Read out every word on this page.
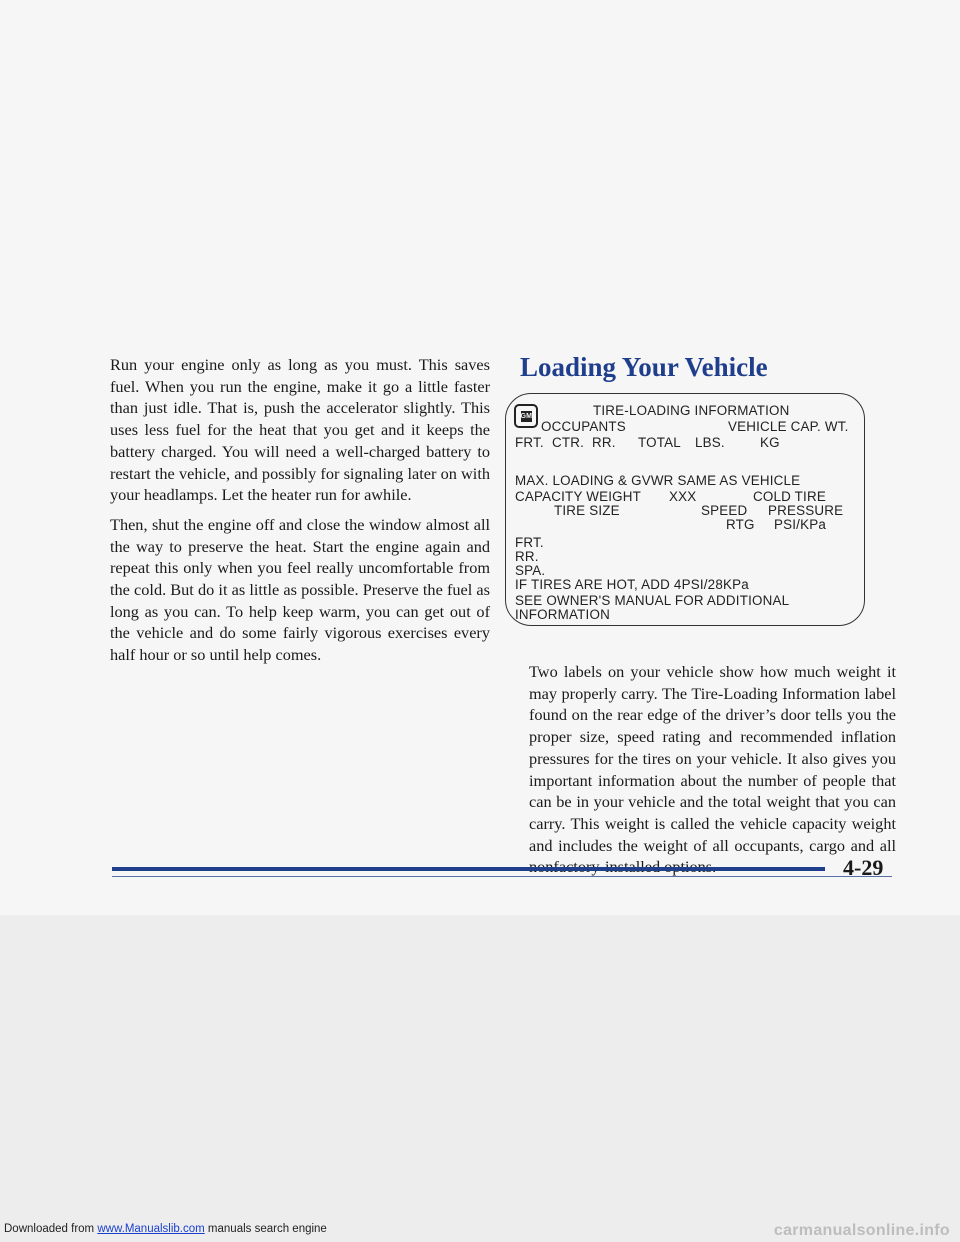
Run your engine only as long as you must. This saves fuel. When you run the engine, make it go a little faster than just idle. That is, push the accelerator slightly. This uses less fuel for the heat that you get and it keeps the battery charged. You will need a well-charged battery to restart the vehicle, and possibly for signaling later on with your headlamps. Let the heater run for awhile.

Then, shut the engine off and close the window almost all the way to preserve the heat. Start the engine again and repeat this only when you feel really uncomfortable from the cold. But do it as little as possible. Preserve the fuel as long as you can. To help keep warm, you can get out of the vehicle and do some fairly vigorous exercises every half hour or so until help comes.

Loading Your Vehicle
GM	TIRE-LOADING INFORMATION
OCCUPANTS	VEHICLE CAP. WT.
FRT. CTR. RR. TOTAL LBS.	KG
MAX. LOADING & GVWR SAME AS VEHICLE
CAPACITY WEIGHT XXX	COLD TIRE
TIRE SIZE	SPEED PRESSURE
RTG PSI/KPa
FRT.
RR.
SPA.
IF TIRES ARE HOT, ADD 4PSI/28KPa
SEE OWNER'S MANUAL FOR ADDITIONAL
INFORMATION

Two labels on your vehicle show how much weight it may properly carry. The Tire-Loading Information label found on the rear edge of the driver’s door tells you the proper size, speed rating and recommended inflation pressures for the tires on your vehicle. It also gives you important information about the number of people that can be in your vehicle and the total weight that you can carry. This weight is called the vehicle capacity weight and includes the weight of all occupants, cargo and all

4-29
Downloaded from www.Manualslib.com manuals search engine	carmanualsonline.info
